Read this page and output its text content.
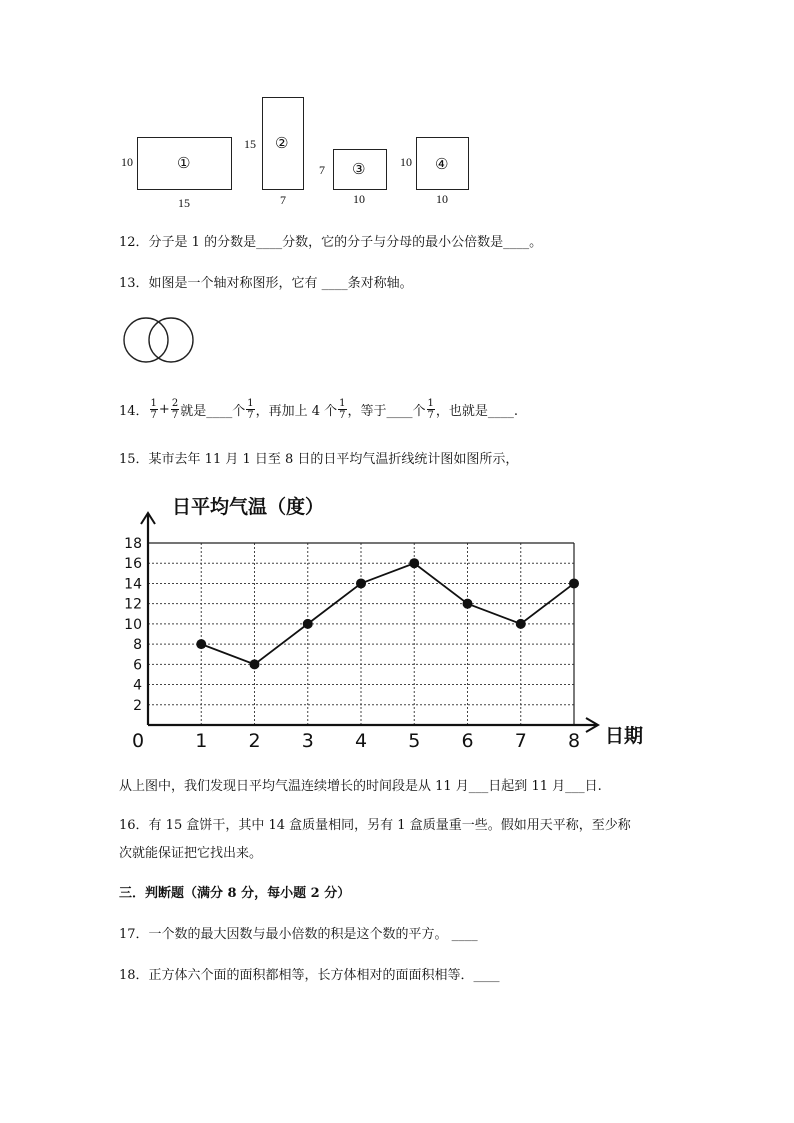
①
10
15
②
15
7
③
7
10
④
10
10
12．分子是 1 的分数是____分数，它的分子与分母的最小公倍数是____。
13．如图是一个轴对称图形，它有 ____条对称轴。
14． $\frac{1}{7} + \frac{2}{7}$ 就是____个 $\frac{1}{7}$ ，再加上 4 个 $\frac{1}{7}$ ，等于____个 $\frac{1}{7}$ ，也就是____.
15．某市去年 11 月 1 日至 8 日的日平均气温折线统计图如图所示，
日平均气温（度）
2
4
6
8
10
12
14
16
18
0	1 2 3 4 5 6 7 8 日期
从上图中，我们发现日平均气温连续增长的时间段是从 11 月___日起到 11 月___日.
16．有 15 盒饼干，其中 14 盒质量相同，另有 1 盒质量重一些。假如用天平称，至少称
次就能保证把它找出来。
三．判断题（满分 8 分，每小题 2 分）
17．一个数的最大因数与最小倍数的积是这个数的平方。 ____
18．正方体六个面的面积都相等，长方体相对的面面积相等．____
